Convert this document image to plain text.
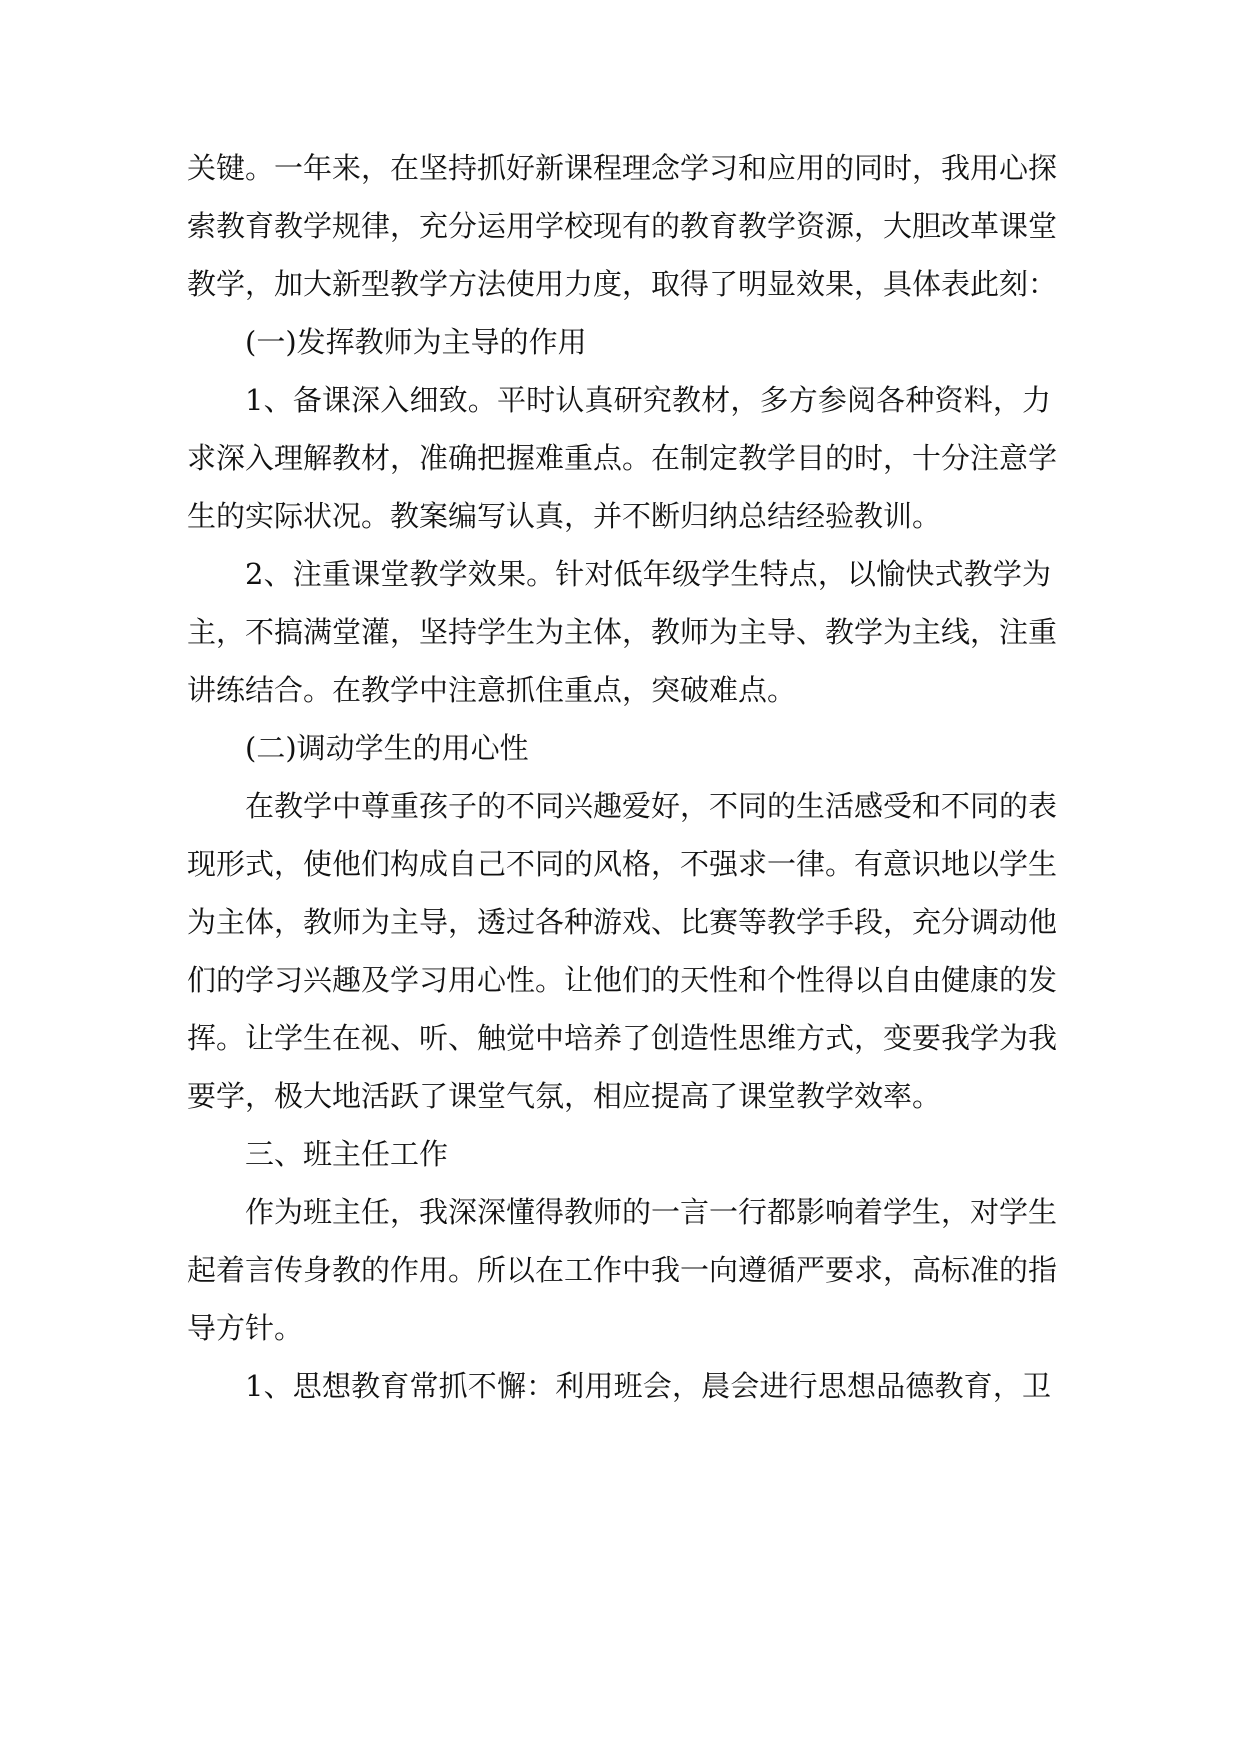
关键。一年来，在坚持抓好新课程理念学习和应用的同时，我用心探
索教育教学规律，充分运用学校现有的教育教学资源，大胆改革课堂
教学，加大新型教学方法使用力度，取得了明显效果，具体表此刻：
(一)发挥教师为主导的作用
1、备课深入细致。平时认真研究教材，多方参阅各种资料，力
求深入理解教材，准确把握难重点。在制定教学目的时，十分注意学
生的实际状况。教案编写认真，并不断归纳总结经验教训。
2、注重课堂教学效果。针对低年级学生特点，以愉快式教学为
主，不搞满堂灌，坚持学生为主体，教师为主导、教学为主线，注重
讲练结合。在教学中注意抓住重点，突破难点。
(二)调动学生的用心性
在教学中尊重孩子的不同兴趣爱好，不同的生活感受和不同的表
现形式，使他们构成自己不同的风格，不强求一律。有意识地以学生
为主体，教师为主导，透过各种游戏、比赛等教学手段，充分调动他
们的学习兴趣及学习用心性。让他们的天性和个性得以自由健康的发
挥。让学生在视、听、触觉中培养了创造性思维方式，变要我学为我
要学，极大地活跃了课堂气氛，相应提高了课堂教学效率。
三、班主任工作
作为班主任，我深深懂得教师的一言一行都影响着学生，对学生
起着言传身教的作用。所以在工作中我一向遵循严要求，高标准的指
导方针。
1、思想教育常抓不懈：利用班会，晨会进行思想品德教育，卫
